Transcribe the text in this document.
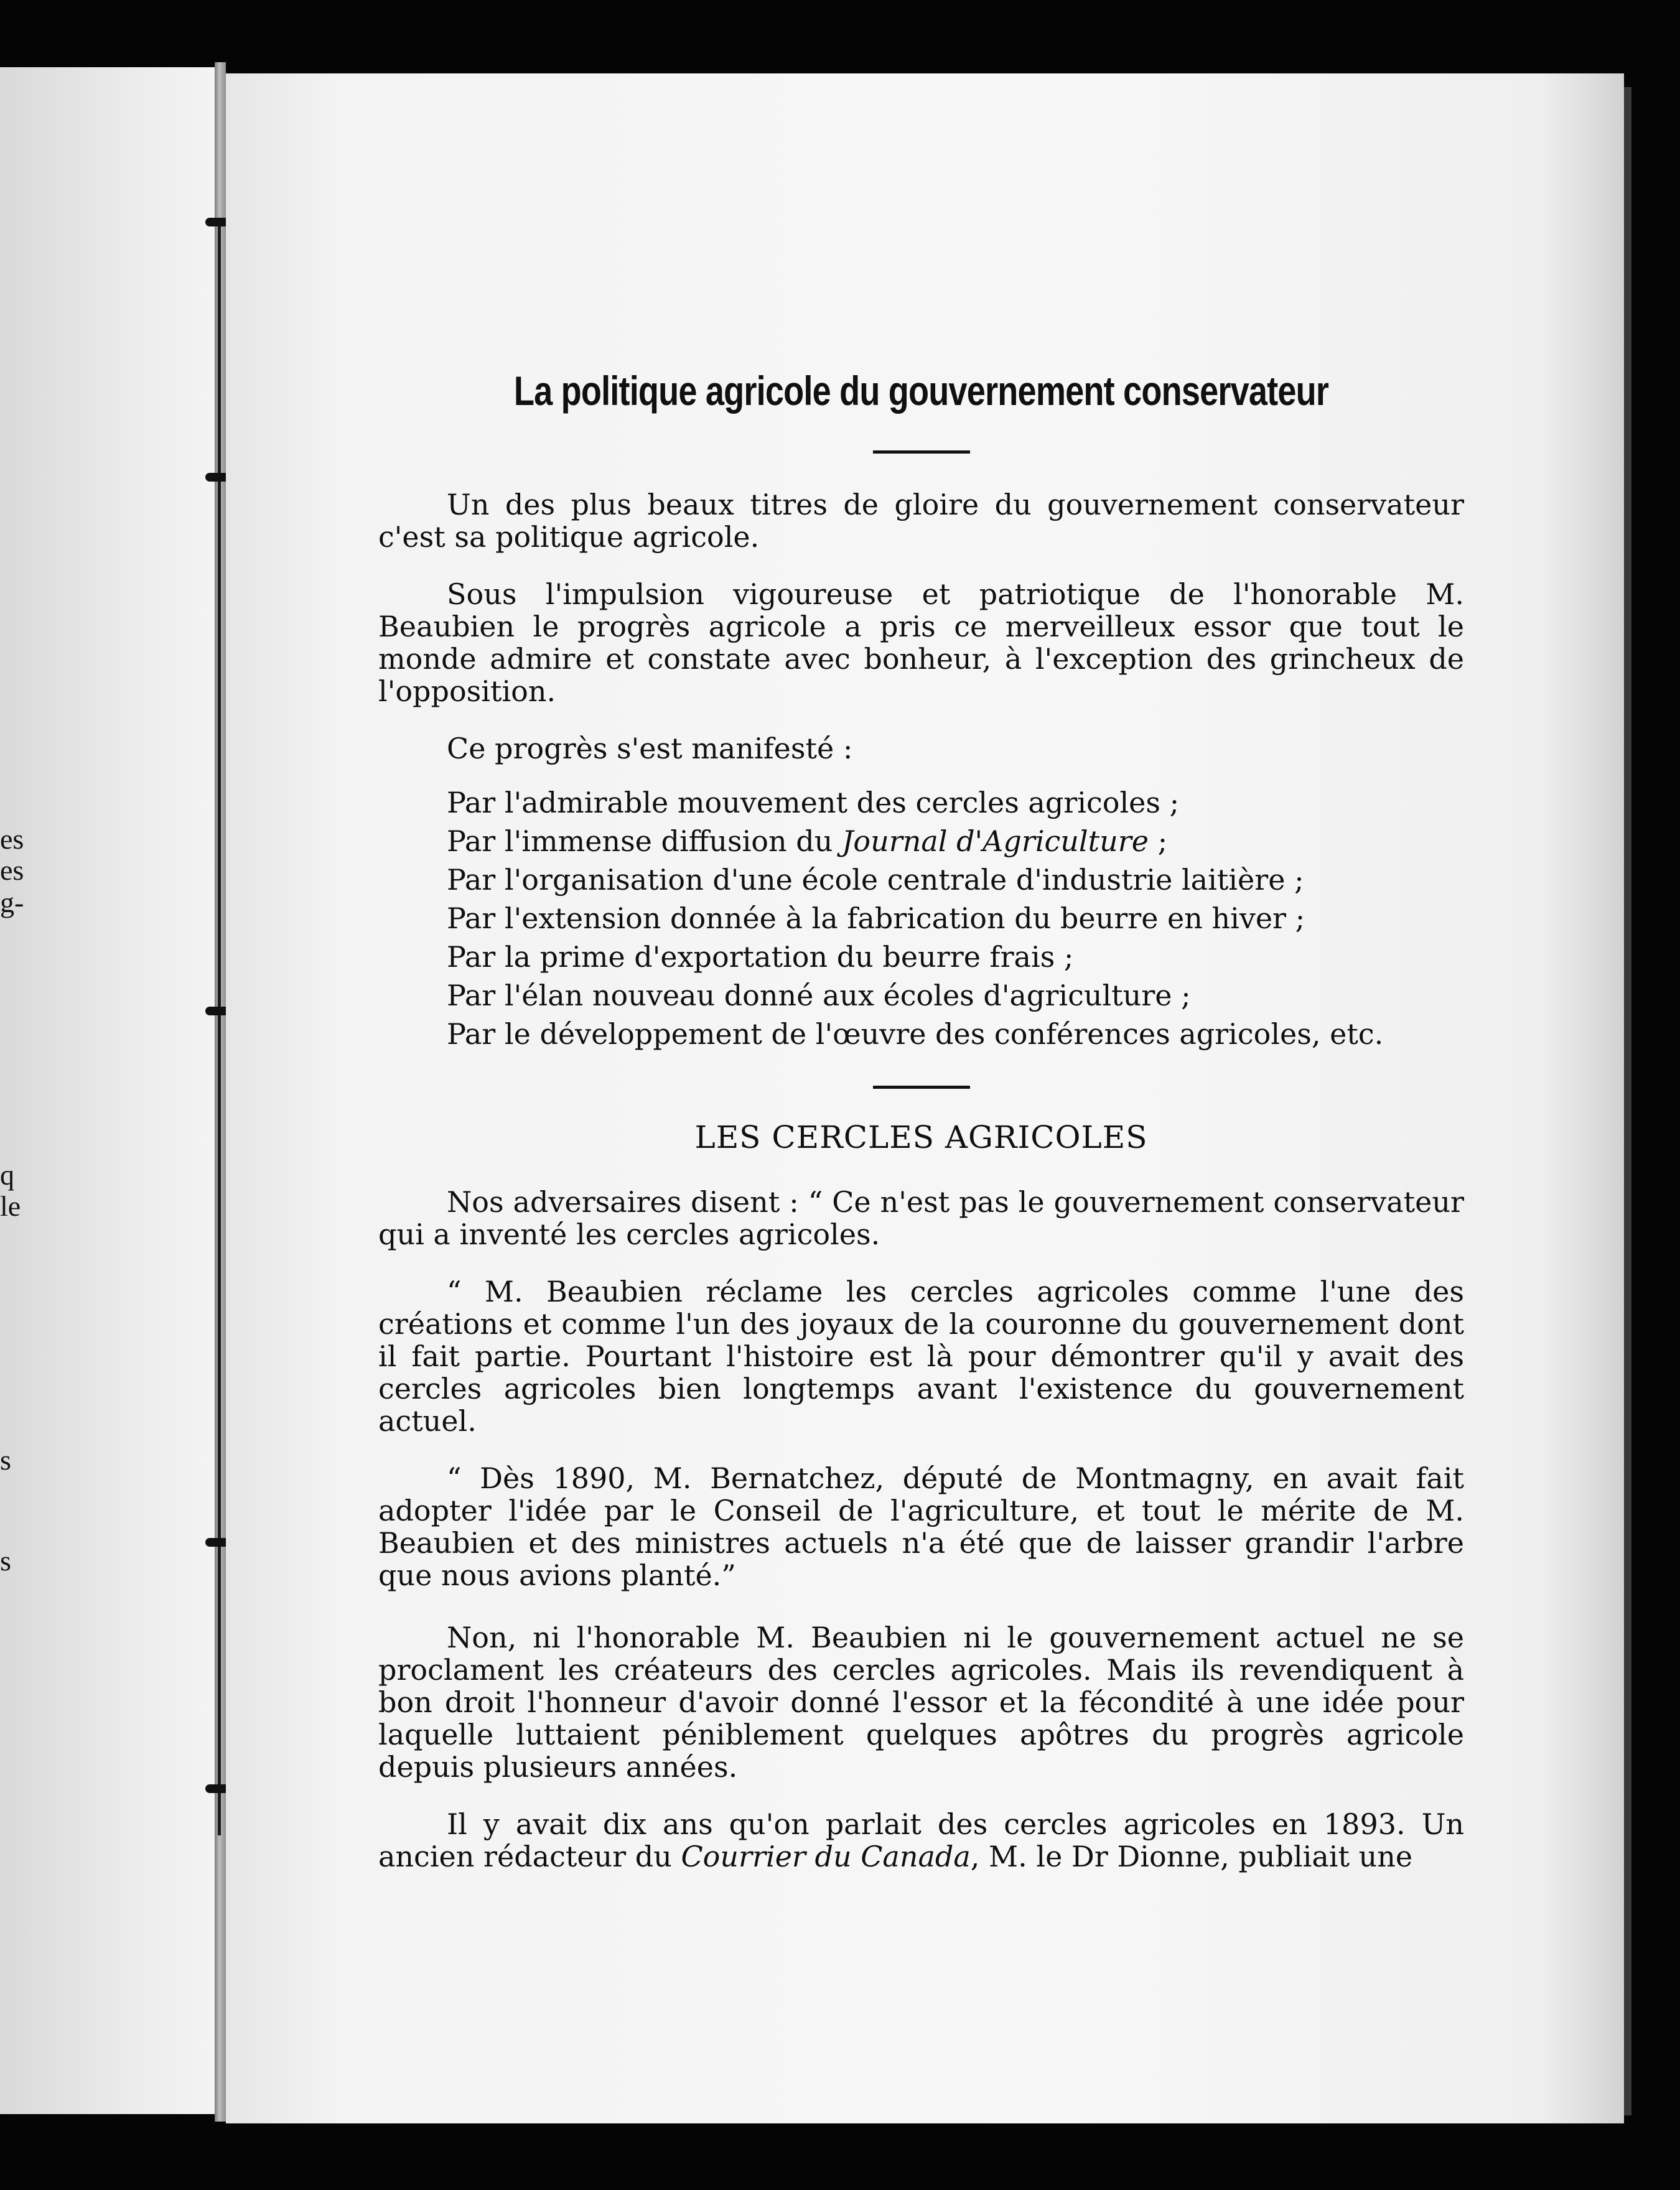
es
es
g-
q
le
s
s
La politique agricole du gouvernement conservateur

Un des plus beaux titres de gloire du gouvernement conservateur c'est sa politique agricole.

Sous l'impulsion vigoureuse et patriotique de l'honorable M. Beaubien le progrès agricole a pris ce merveilleux essor que tout le monde admire et constate avec bonheur, à l'exception des grincheux de l'opposition.

Ce progrès s'est manifesté :

Par l'admirable mouvement des cercles agricoles ;
Par l'immense diffusion du Journal d'Agriculture ;
Par l'organisation d'une école centrale d'industrie laitière ;
Par l'extension donnée à la fabrication du beurre en hiver ;
Par la prime d'exportation du beurre frais ;
Par l'élan nouveau donné aux écoles d'agriculture ;
Par le développement de l'œuvre des conférences agricoles, etc.
LES CERCLES AGRICOLES

Nos adversaires disent : “ Ce n'est pas le gouvernement conservateur qui a inventé les cercles agricoles.

“ M. Beaubien réclame les cercles agricoles comme l'une des créations et comme l'un des joyaux de la couronne du gouvernement dont il fait partie. Pourtant l'histoire est là pour démontrer qu'il y avait des cercles agricoles bien longtemps avant l'existence du gouvernement actuel.

“ Dès 1890, M. Bernatchez, député de Montmagny, en avait fait adopter l'idée par le Conseil de l'agriculture, et tout le mérite de M. Beaubien et des ministres actuels n'a été que de laisser grandir l'arbre que nous avions planté.”

Non, ni l'honorable M. Beaubien ni le gouvernement actuel ne se proclament les créateurs des cercles agricoles. Mais ils revendiquent à bon droit l'honneur d'avoir donné l'essor et la fécondité à une idée pour laquelle luttaient péniblement quelques apôtres du progrès agricole depuis plusieurs années.

Il y avait dix ans qu'on parlait des cercles agricoles en 1893. Un ancien rédacteur du Courrier du Canada, M. le Dr Dionne, publiait une
